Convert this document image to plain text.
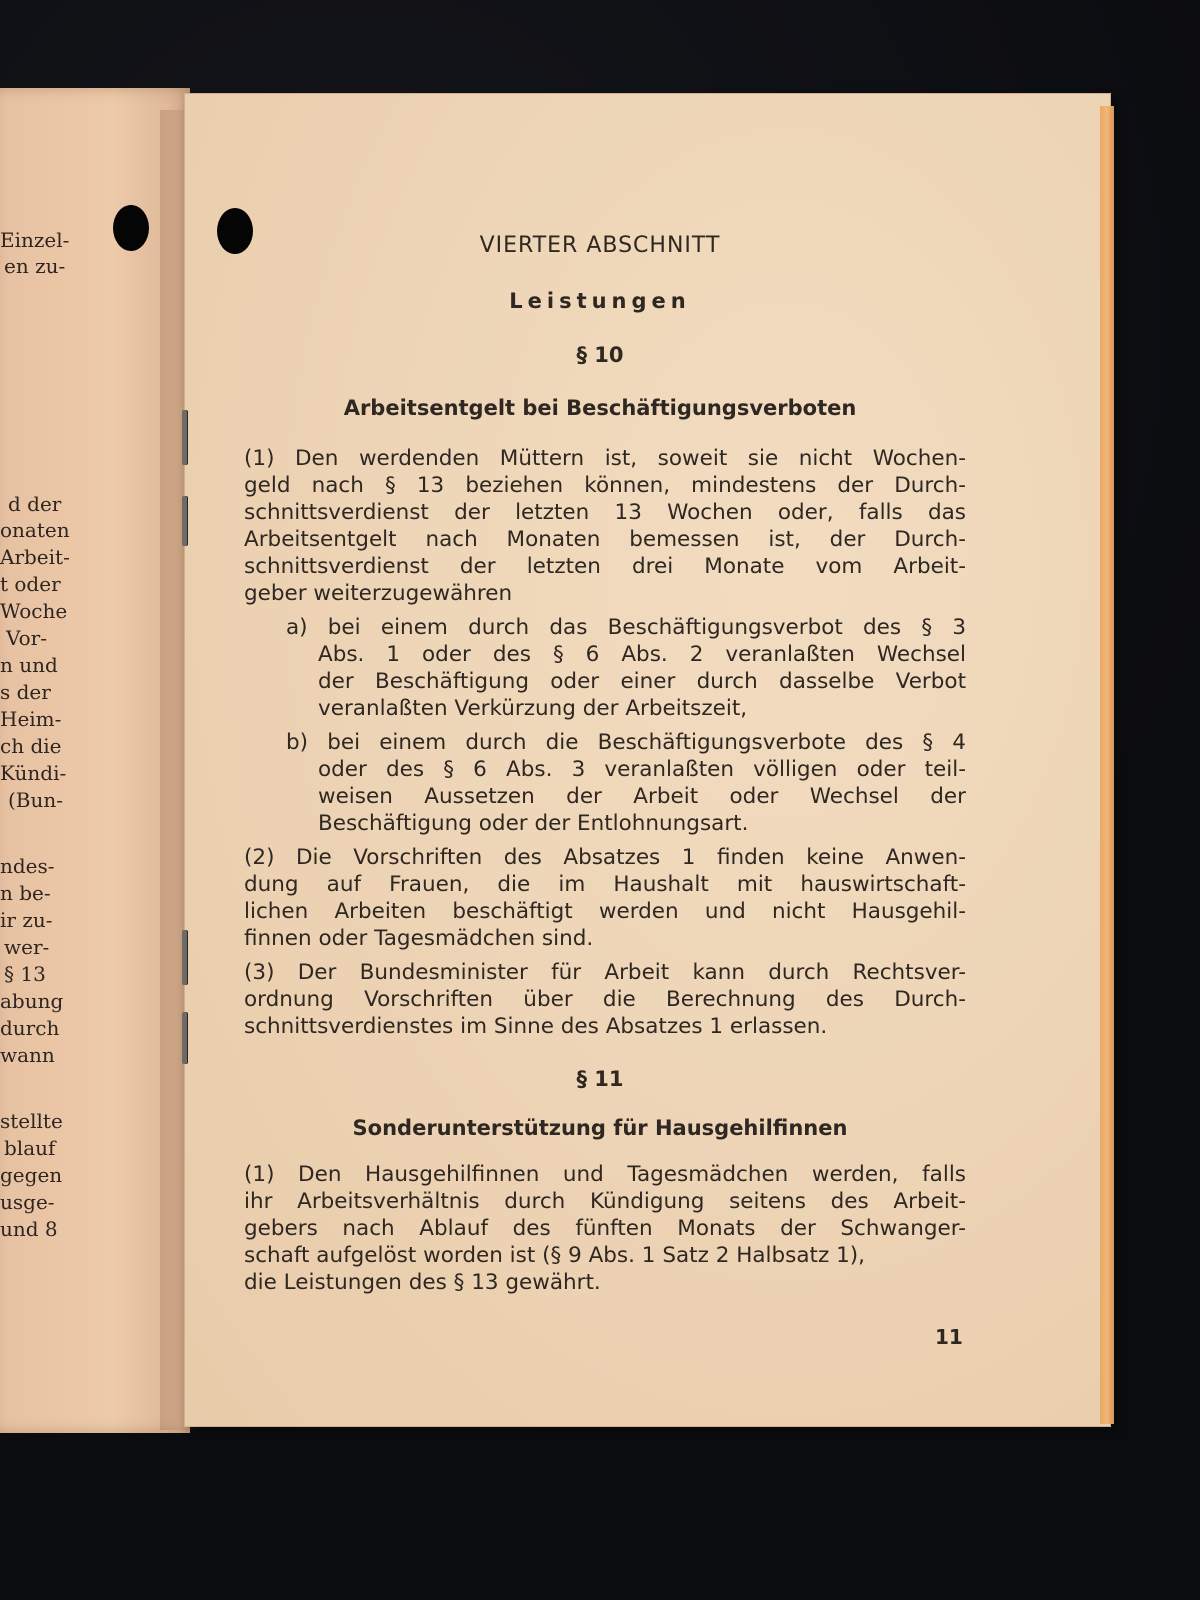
Einzel-
en zu-
d der
onaten
Arbeit-
t oder
Woche
Vor-
n und
s der
Heim-
ch die
Kündi-
(Bun-
ndes-
n be-
ir zu-
wer-
§ 13
abung
durch
wann
stellte
blauf
gegen
usge-
und 8
VIERTER ABSCHNITT
Leistungen
§ 10
Arbeitsentgelt bei Beschäftigungsverboten
(1) Den werdenden Müttern ist, soweit sie nicht Wochen-
geld nach § 13 beziehen können, mindestens der Durch-
schnittsverdienst der letzten 13 Wochen oder, falls das
Arbeitsentgelt nach Monaten bemessen ist, der Durch-
schnittsverdienst der letzten drei Monate vom Arbeit-
geber weiterzugewähren
a) bei einem durch das Beschäftigungsverbot des § 3
Abs. 1 oder des § 6 Abs. 2 veranlaßten Wechsel
der Beschäftigung oder einer durch dasselbe Verbot
veranlaßten Verkürzung der Arbeitszeit,
b) bei einem durch die Beschäftigungsverbote des § 4
oder des § 6 Abs. 3 veranlaßten völligen oder teil-
weisen Aussetzen der Arbeit oder Wechsel der
Beschäftigung oder der Entlohnungsart.
(2) Die Vorschriften des Absatzes 1 finden keine Anwen-
dung auf Frauen, die im Haushalt mit hauswirtschaft-
lichen Arbeiten beschäftigt werden und nicht Hausgehil-
finnen oder Tagesmädchen sind.
(3) Der Bundesminister für Arbeit kann durch Rechtsver-
ordnung Vorschriften über die Berechnung des Durch-
schnittsverdienstes im Sinne des Absatzes 1 erlassen.
§ 11
Sonderunterstützung für Hausgehilfinnen
(1) Den Hausgehilfinnen und Tagesmädchen werden, falls
ihr Arbeitsverhältnis durch Kündigung seitens des Arbeit-
gebers nach Ablauf des fünften Monats der Schwanger-
schaft aufgelöst worden ist (§ 9 Abs. 1 Satz 2 Halbsatz 1),
die Leistungen des § 13 gewährt.
11
